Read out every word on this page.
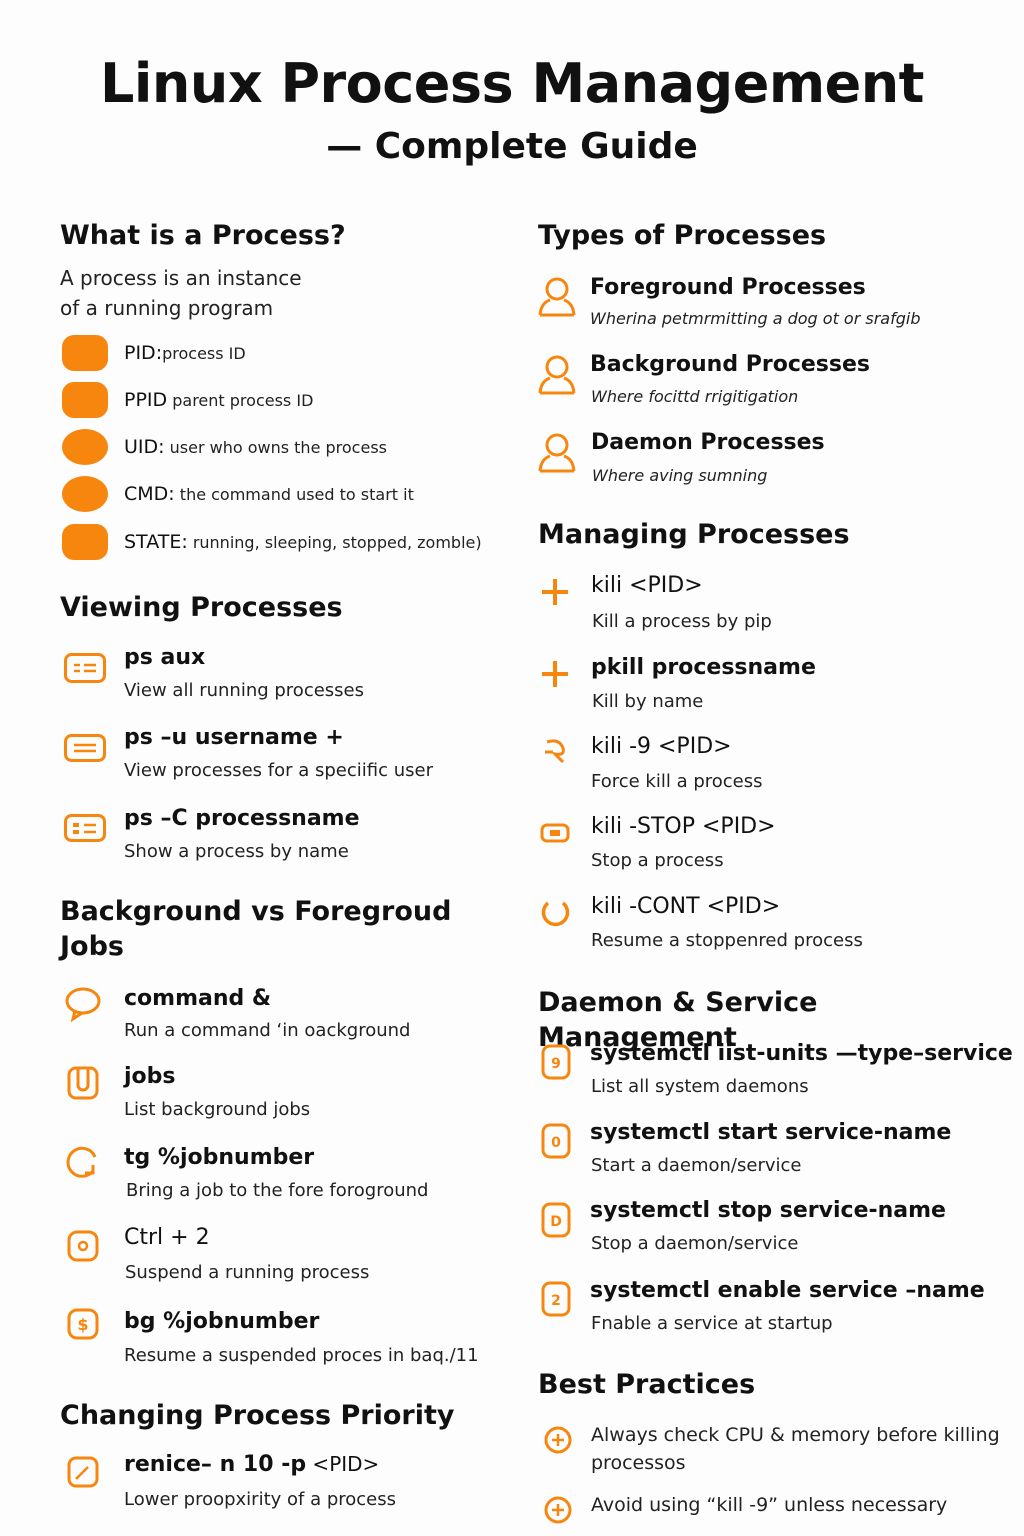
Linux Process Management
— Complete Guide
What is a Process?
A process is an instance
of a running program
PID:process ID
PPID parent process ID
UID: user who owns the process
CMD: the command used to start it
STATE: running, sleeping, stopped, zomble)
Viewing Processes
ps aux
View all running processes
ps –u username +
View processes for a speciific user
ps –C processname
Show a process by name
Background vs Foregroud
Jobs
command &
Run a command ‘in oackground
jobs
List background jobs
tg %jobnumber
Bring a job to the fore foroground
Ctrl + 2
Suspend a running process
$ bg %jobnumber
Resume a suspended proces in baq./11
Changing Process Priority
renice– n 10 -p <PID>
Lower proopxirity of a process
Types of Processes
Foreground Processes
Wherina petmrmitting a dog ot or srafgib
Background Processes
Where focittd rrigitigation
Daemon Processes
Where aving sumning
Managing Processes
kili <PID>
Kill a process by pip
pkill processname
Kill by name
kili -9 <PID>
Force kill a process
kili -STOP <PID>
Stop a process
kili -CONT <PID>
Resume a stoppenred process
Daemon & Service Management
9 systemctl iist-units —type–service
List all system daemons
0 systemctl start service-name
Start a daemon/service
D systemctl stop service-name
Stop a daemon/service
2 systemctl enable service –name
Fnable a service at startup
Best Practices
Always check CPU & memory before killing
processos
Avoid using “kill -9” unless necessary
